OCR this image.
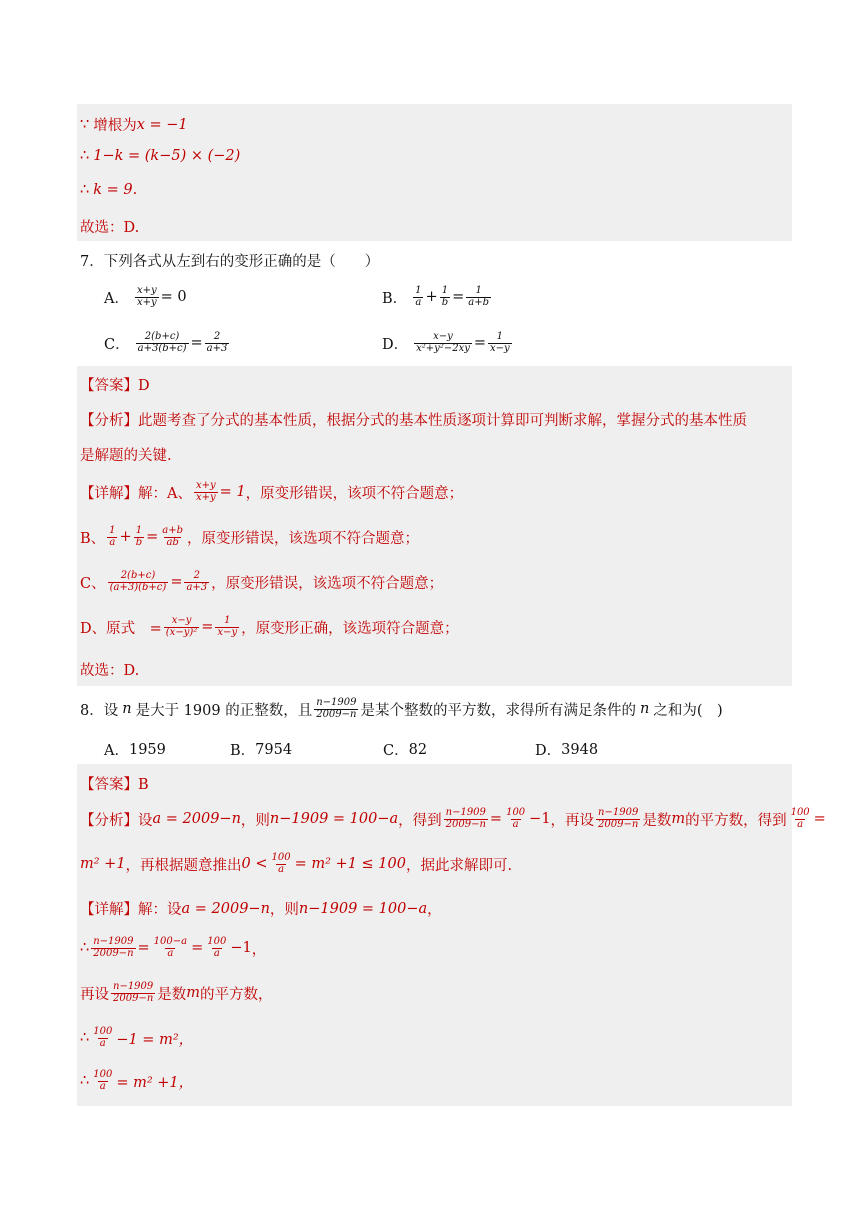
∵ 增根为 x = −1
∴ 1−k = (k−5) × (−2)
∴ k = 9 .
故选：D.
7．下列各式从左到右的变形正确的是（　　）
A． $\frac{x+y}{x+y} = 0$	B． $\frac{1}{a} + \frac{1}{b} = \frac{1}{a+b}$
C． $\frac{2(b+c)}{a+3(b+c)} = \frac{2}{a+3}$	D． $\frac{x-y}{\text{x²+y²−2xy}} = \frac{1}{x-y}$
【答案】D
【分析】 此题考查了分式的基本性质，根据分式的基本性质逐项计算即可判断求解，掌握分式的基本性质
是解题的关键.
【详解】 解：A、 $\frac{x+y}{x+y} = 1$ ，原变形错误，该项不符合题意；
B、 $\frac{1}{a} + \frac{1}{b} = \frac{a+b}{ab}$ ，原变形错误，该选项不符合题意；
C、 $\frac{2(b+c)}{(a+3)(b+c)} = \frac{2}{a+3}$ ，原变形错误，该选项不符合题意；
D、原式　= $\frac{x-y}{\text{(x−y)²}} = \frac{1}{x-y}$ ，原变形正确，该选项符合题意；
故选：D.
8．设 n 是大于 1909 的正整数，且 $\frac{n-1909}{2009-n}$ 是某个整数的平方数，求得所有满足条件的 n 之和为(　)
A． 1959	B． 7954	C． 82	D． 3948
【答案】B
【分析】 设 a = 2009−n ，则 n−1909 = 100−a ，得到 $\frac{n-1909}{2009-n} = \frac{100}{a} -1$ ，再设 $\frac{n-1909}{2009-n}$ 是数 m 的平方数，得到 $\frac{100}{a}$ =
m² +1 ，再根据题意推出 $0 < \frac{100}{a} = m^2 +1 \le 100$ ，据此求解即可.
【详解】 解：设 a = 2009−n ，则 n−1909 = 100−a ，
∴ $\frac{n-1909}{2009-n} = \frac{100-a}{a} = \frac{100}{a} -1$ ，
再设 $\frac{n-1909}{2009-n}$ 是数 m 的平方数，
∴ $\frac{100}{a} -1 = m^2$，
∴ $\frac{100}{a} = m^2 +1$，
